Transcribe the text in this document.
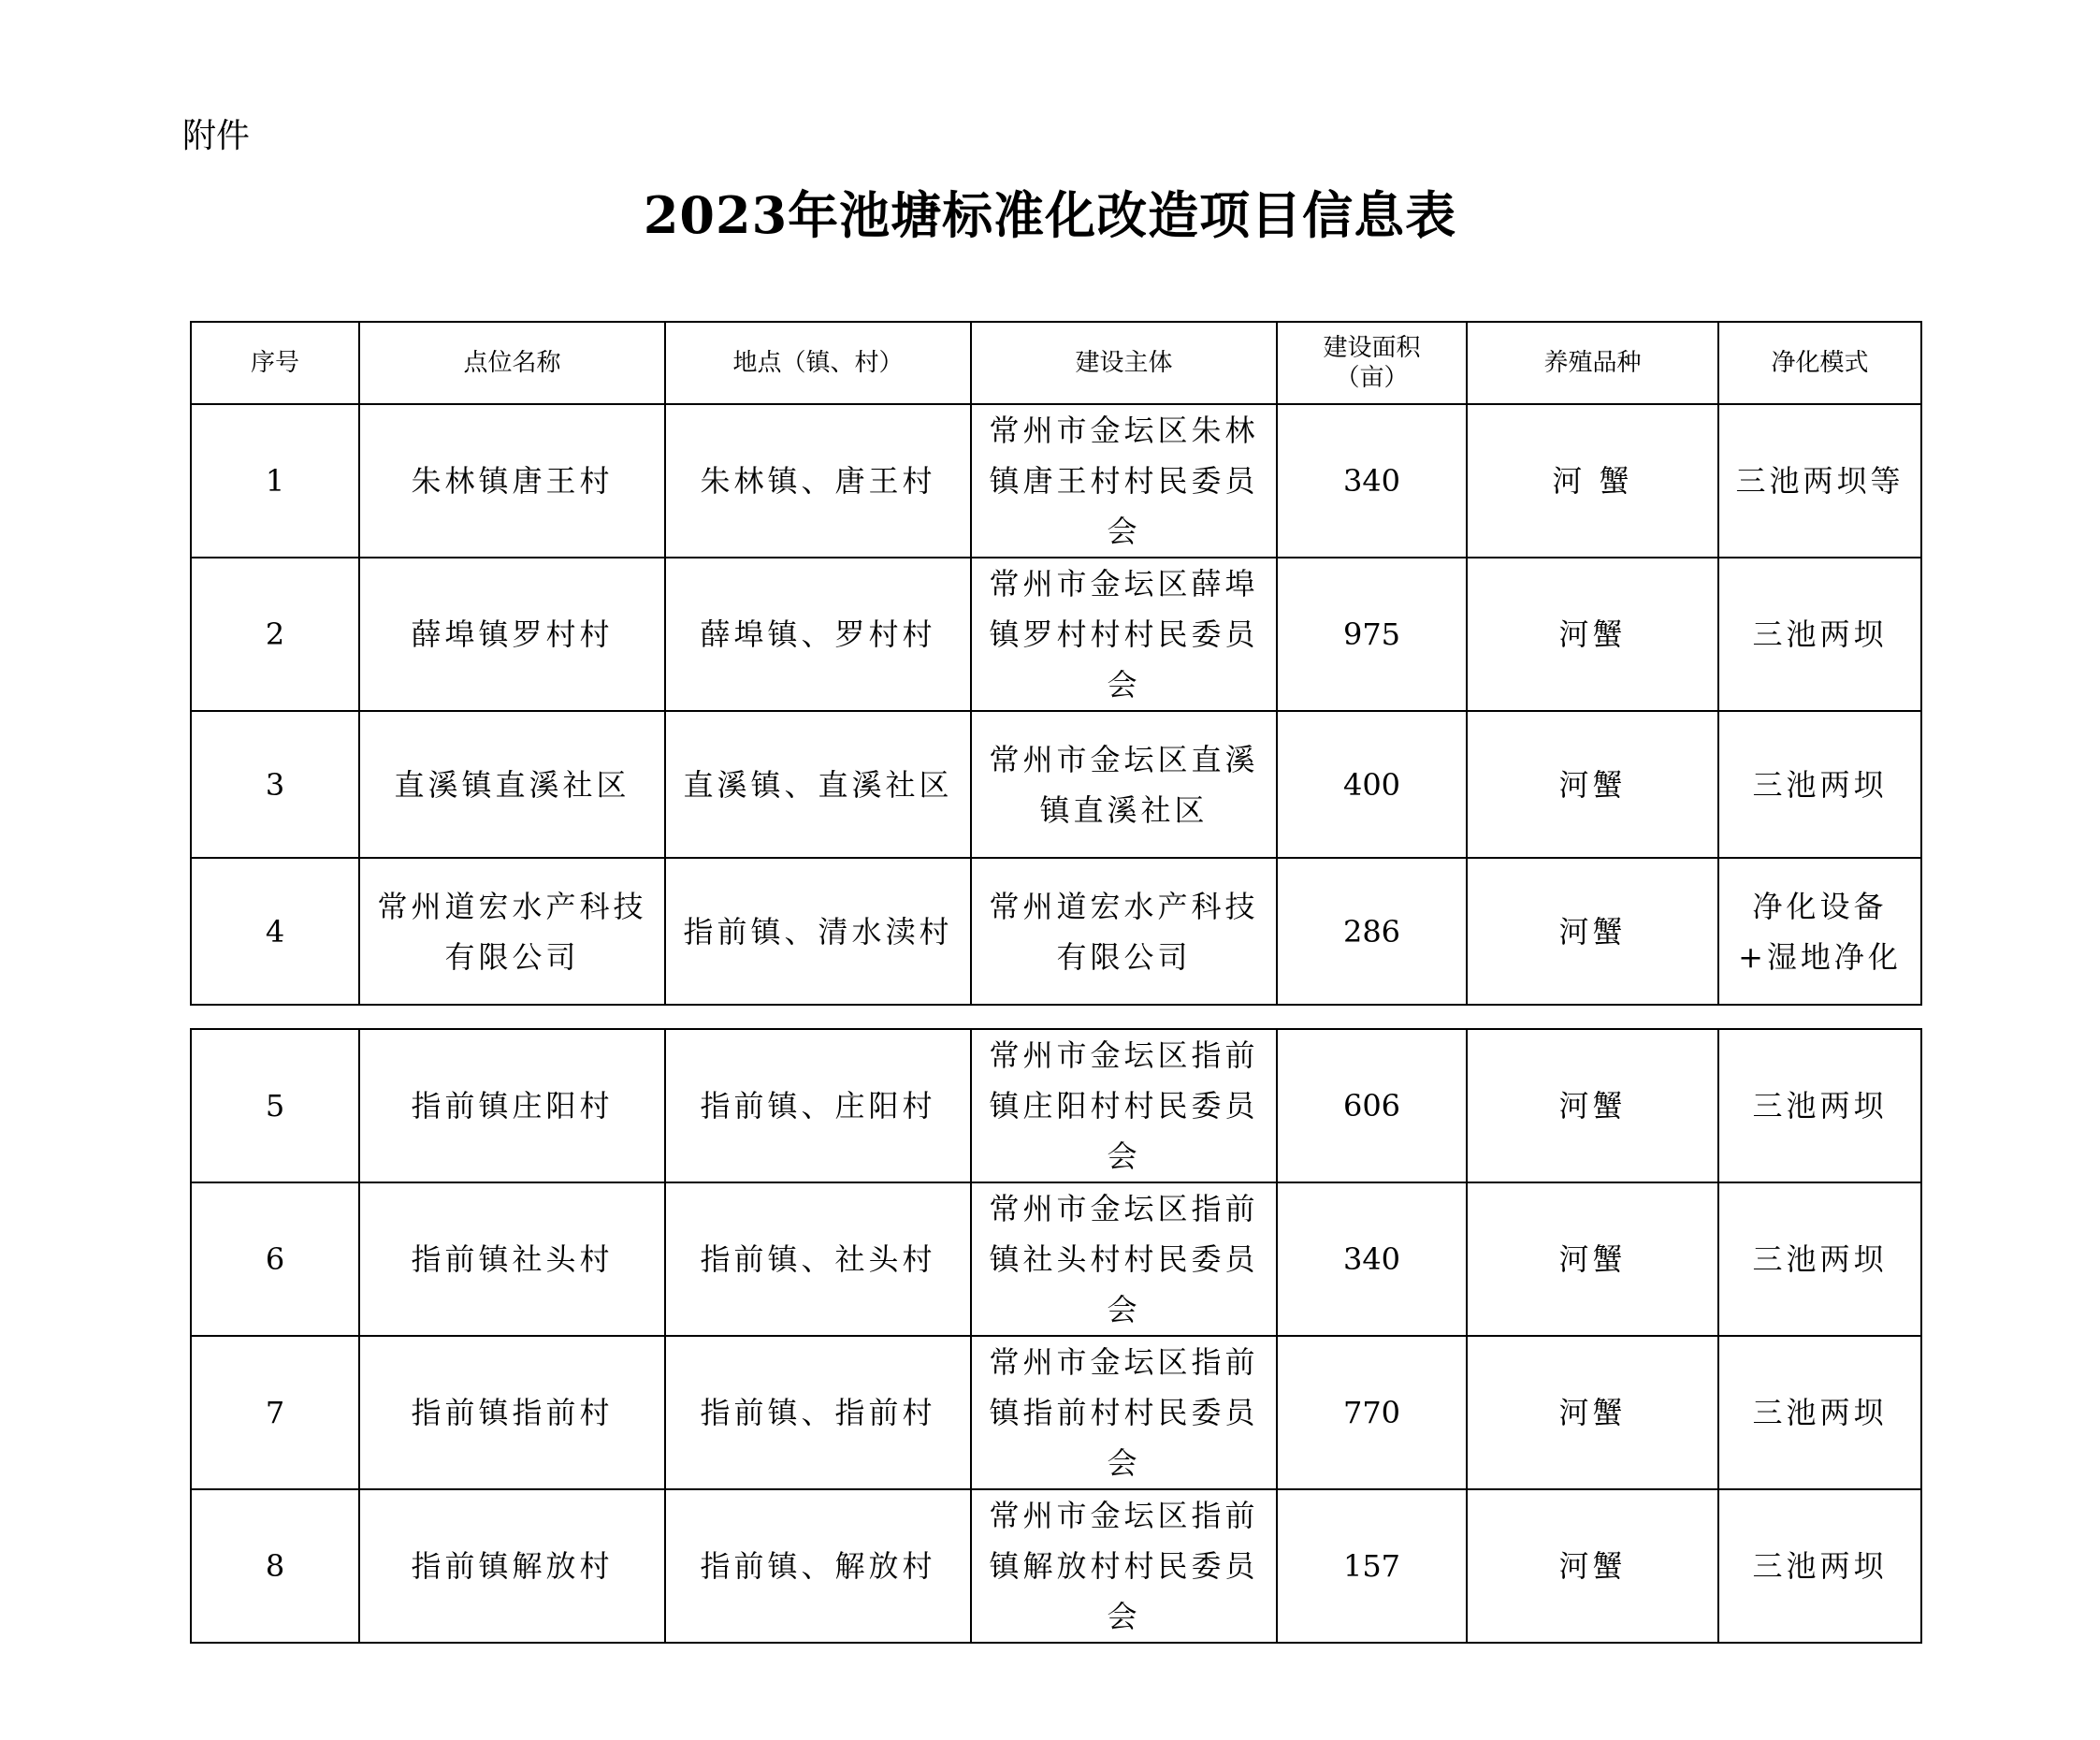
附件
2023年池塘标准化改造项目信息表
序号	点位名称	地点（镇、村）	建设主体	建设面积（亩）	养殖品种	净化模式
1	朱林镇唐王村	朱林镇、唐王村	常州市金坛区朱林镇唐王村村民委员会	340	河 蟹	三池两坝等
2	薛埠镇罗村村	薛埠镇、罗村村	常州市金坛区薛埠镇罗村村村民委员会	975	河蟹	三池两坝
3	直溪镇直溪社区	直溪镇、直溪社区	常州市金坛区直溪镇直溪社区	400	河蟹	三池两坝
4	常州道宏水产科技有限公司	指前镇、清水渎村	常州道宏水产科技有限公司	286	河蟹	净化设备+湿地净化
5	指前镇庄阳村	指前镇、庄阳村	常州市金坛区指前镇庄阳村村民委员会	606	河蟹	三池两坝
6	指前镇社头村	指前镇、社头村	常州市金坛区指前镇社头村村民委员会	340	河蟹	三池两坝
7	指前镇指前村	指前镇、指前村	常州市金坛区指前镇指前村村民委员会	770	河蟹	三池两坝
8	指前镇解放村	指前镇、解放村	常州市金坛区指前镇解放村村民委员会	157	河蟹	三池两坝
